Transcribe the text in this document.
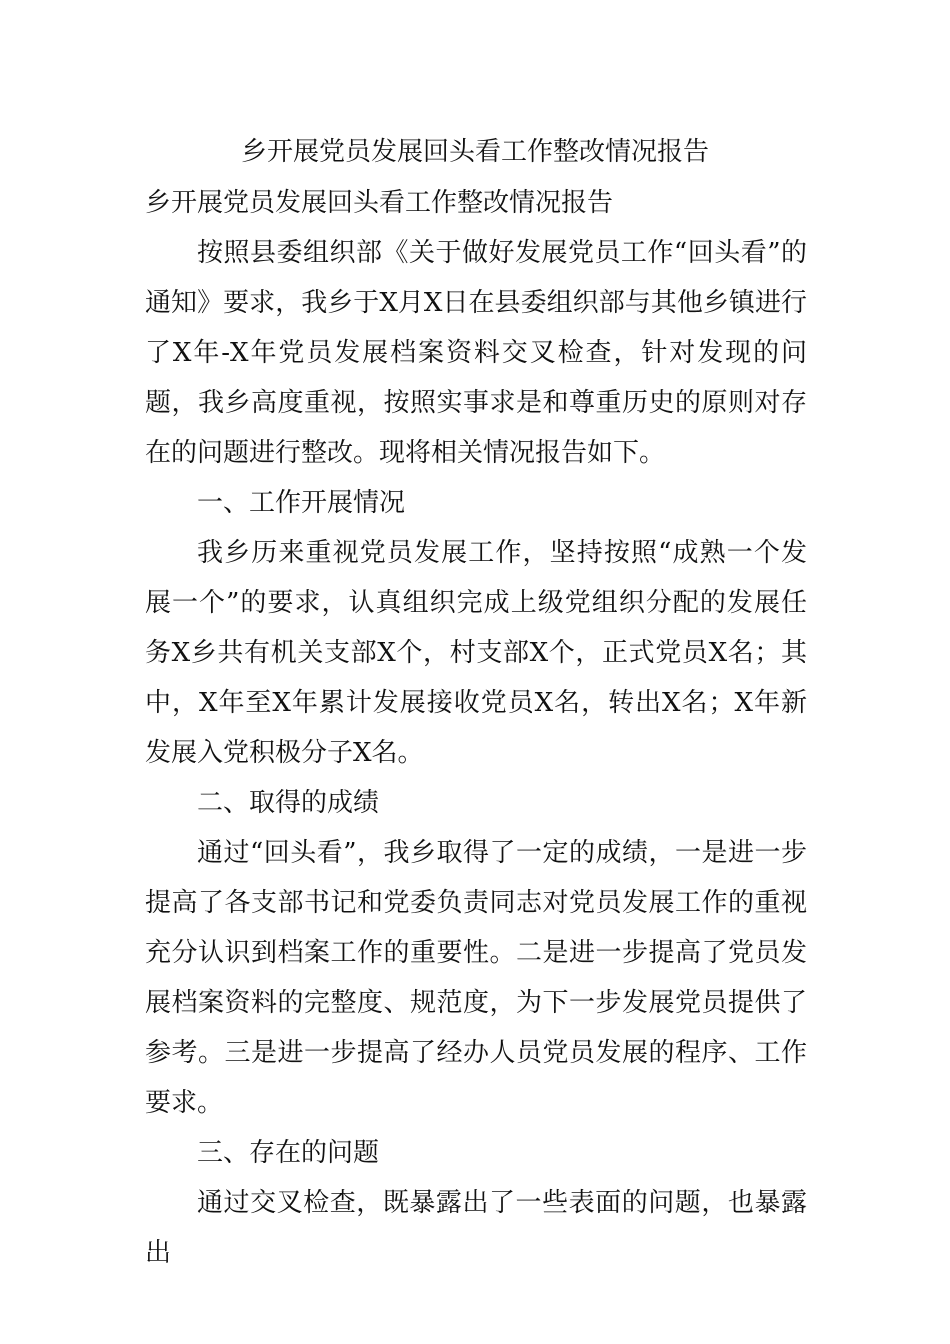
乡开展党员发展回头看工作整改情况报告

乡开展党员发展回头看工作整改情况报告

按照县委组织部《关于做好发展党员工作“回头看”的通知》要求，我乡于X月X日在县委组织部与其他乡镇进行了X年-X年党员发展档案资料交叉检查，针对发现的问题，我乡高度重视，按照实事求是和尊重历史的原则对存在的问题进行整改。现将相关情况报告如下。

一、工作开展情况

我乡历来重视党员发展工作，坚持按照“成熟一个发展一个”的要求，认真组织完成上级党组织分配的发展任务X乡共有机关支部X个，村支部X个，正式党员X名；其中，X年至X年累计发展接收党员X名，转出X名；X年新发展入党积极分子X名。

二、取得的成绩

通过“回头看”，我乡取得了一定的成绩，一是进一步提高了各支部书记和党委负责同志对党员发展工作的重视充分认识到档案工作的重要性。二是进一步提高了党员发展档案资料的完整度、规范度，为下一步发展党员提供了参考。三是进一步提高了经办人员党员发展的程序、工作要求。

三、存在的问题

通过交叉检查，既暴露出了一些表面的问题，也暴露出
